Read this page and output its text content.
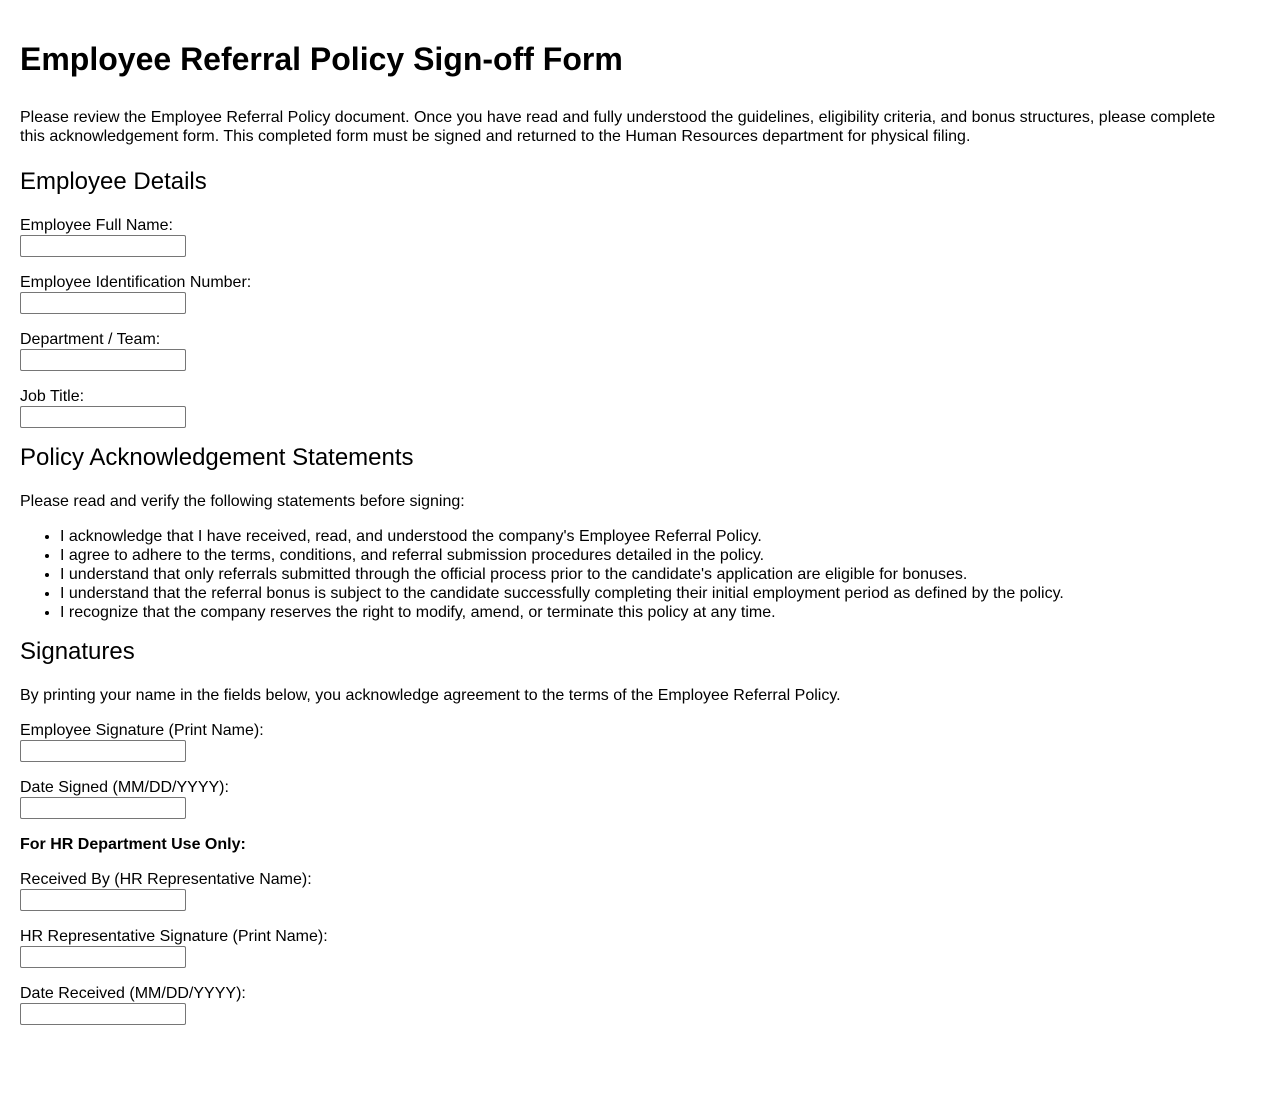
Employee Referral Policy Sign-off Form

Please review the Employee Referral Policy document. Once you have read and fully understood the guidelines, eligibility criteria, and bonus structures, please complete this acknowledgement form. This completed form must be signed and returned to the Human Resources department for physical filing.

Employee Details
Employee Full Name:
Employee Identification Number:
Department / Team:
Job Title:
Policy Acknowledgement Statements

Please read and verify the following statements before signing:

• I acknowledge that I have received, read, and understood the company's Employee Referral Policy.
• I agree to adhere to the terms, conditions, and referral submission procedures detailed in the policy.
• I understand that only referrals submitted through the official process prior to the candidate's application are eligible for bonuses.
• I understand that the referral bonus is subject to the candidate successfully completing their initial employment period as defined by the policy.
• I recognize that the company reserves the right to modify, amend, or terminate this policy at any time.
Signatures

By printing your name in the fields below, you acknowledge agreement to the terms of the Employee Referral Policy.

Employee Signature (Print Name):
Date Signed (MM/DD/YYYY):

For HR Department Use Only:

Received By (HR Representative Name):
HR Representative Signature (Print Name):
Date Received (MM/DD/YYYY):
